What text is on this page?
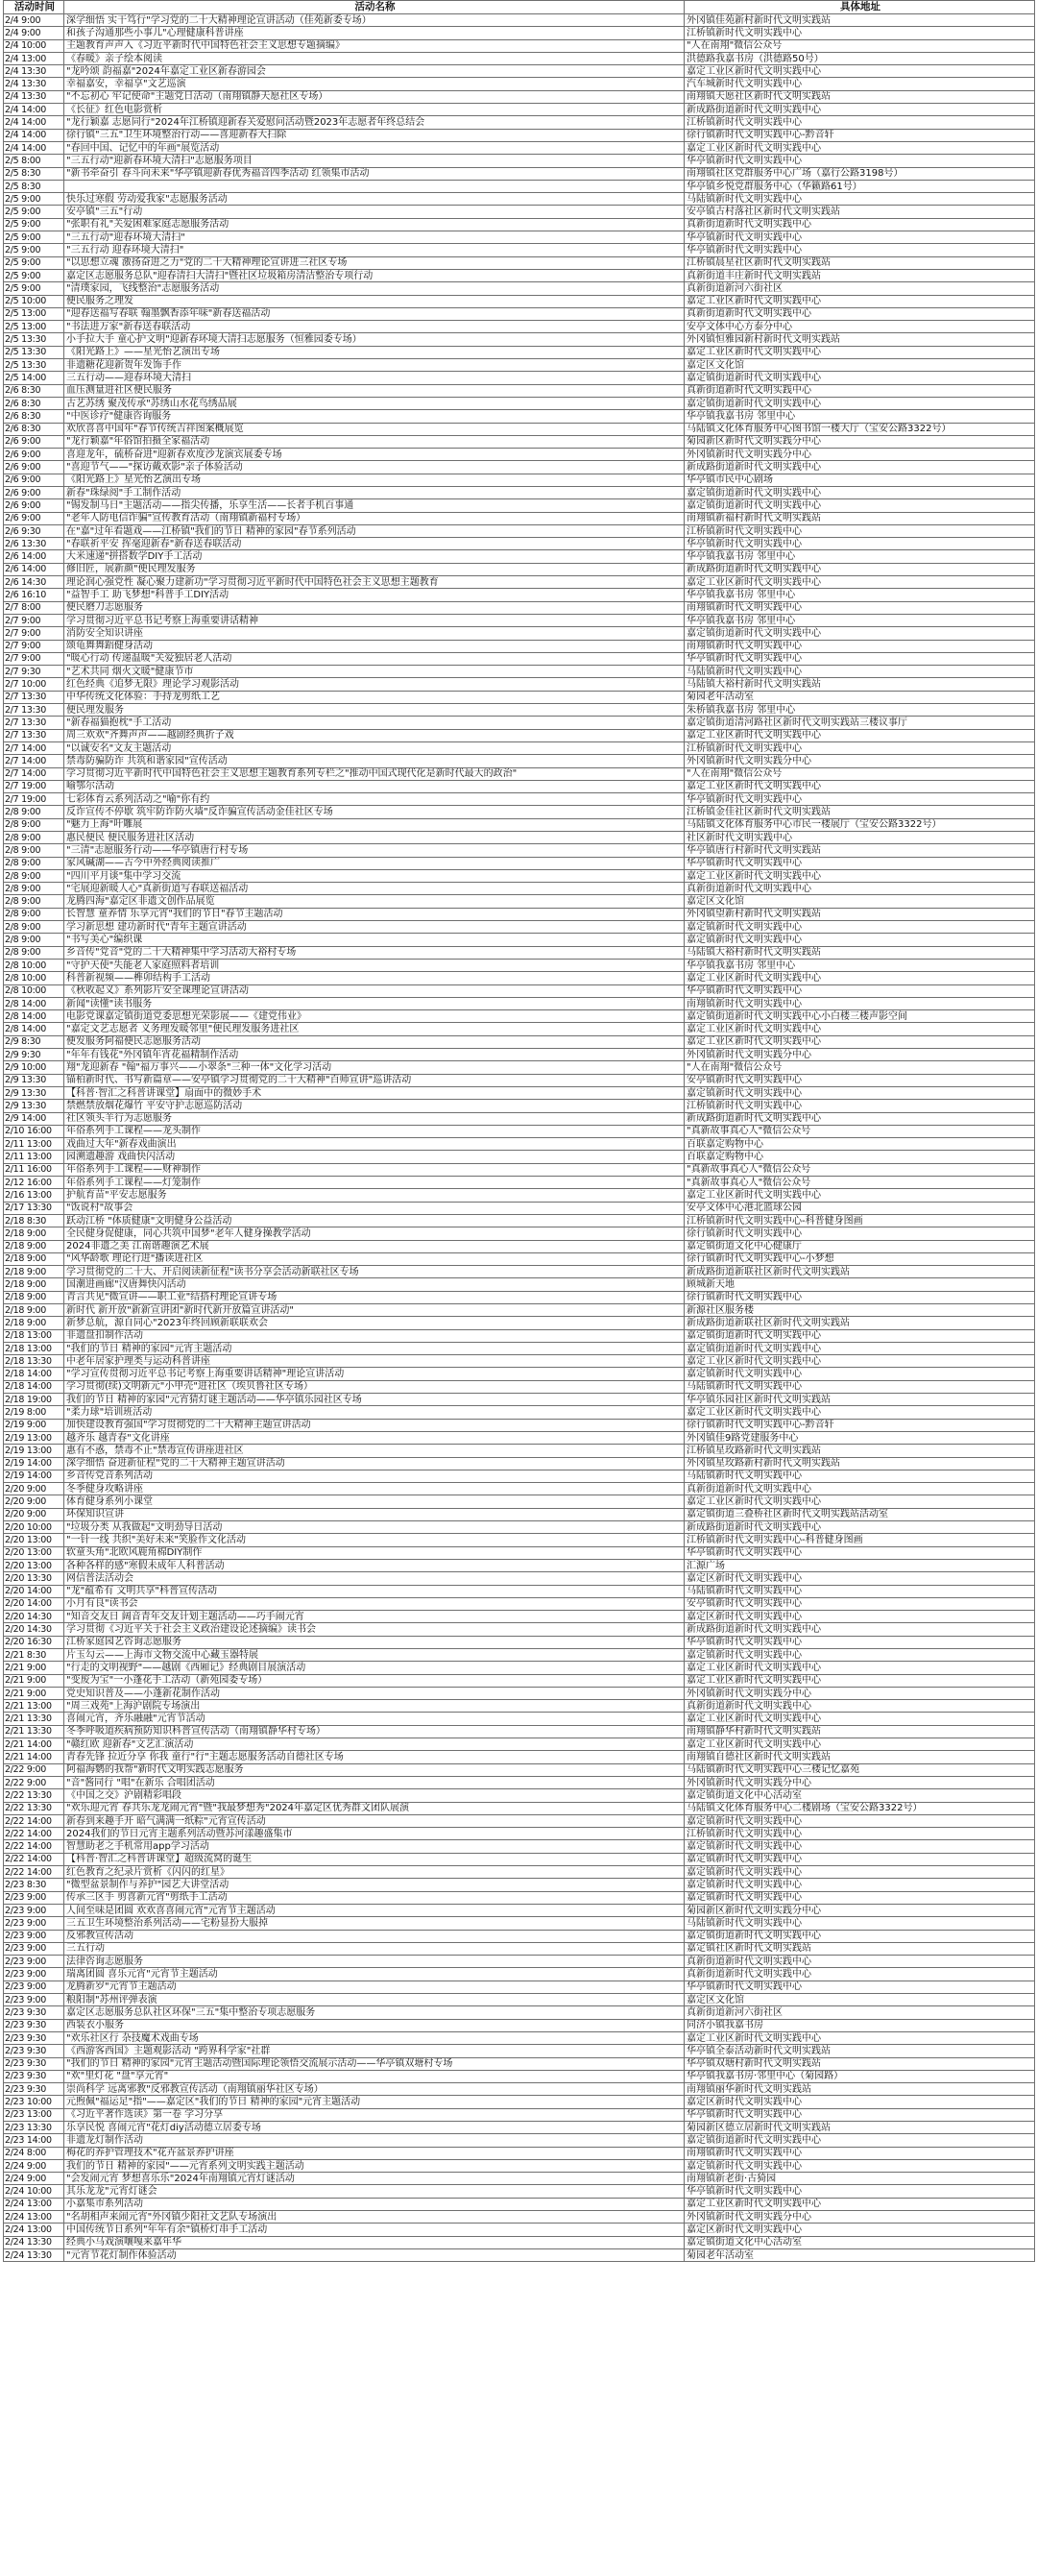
活动时间	活动名称	具体地址
2/4 9:00	深学细悟 实干笃行"学习党的二十大精神理论宣讲活动（佳苑新委专场）	外冈镇佳苑新村新时代文明实践站
2/4 9:00	和孩子沟通那些小事儿"心理健康科普讲座	江桥镇新时代文明实践中心
2/4 10:00	主题教育声声入《习近平新时代中国特色社会主义思想专题摘编》	"人在南翔"微信公众号
2/4 13:00	《春暖》亲子绘本阅读	洪德路我嘉书房（洪德路50号）
2/4 13:30	"龙吟颂 韵福嘉"2024年嘉定工业区新春游园会	嘉定工业区新时代文明实践中心
2/4 13:30	幸福嘉安，幸福享"文艺巡演	汽车城新时代文明实践中心
2/4 13:30	"不忘初心 牢记使命"主题党日活动（南翔镇静天愿社区专场）	南翔镇天愿社区新时代文明实践站
2/4 14:00	《长征》红色电影赏析	新成路街道新时代文明实践中心
2/4 14:00	"龙行颖嘉 志愿同行"2024年江桥镇迎新春关爱慰问活动暨2023年志愿者年终总结会	江桥镇新时代文明实践中心
2/4 14:00	徐行镇"三五"卫生环境整治行动——喜迎新春大扫除	徐行镇新时代文明实践中心-黔音轩
2/4 14:00	"春回中国、记忆中的年画"展览活动	嘉定工业区新时代文明实践中心
2/5 8:00	"三五行动"迎新春环境大清扫"志愿服务项目	华亭镇新时代文明实践中心
2/5 8:30	"新书牵奋引 春斗向未来"华亭镇迎新春优秀福音四季活动 红领集市活动	南翔镇社区党群服务中心广场（嘉行公路3198号）
2/5 8:30		华亭镇乡悦党群服务中心（华籁路61号）
2/5 9:00	快乐过寒假 劳动爱我家"志愿服务活动	马陆镇新时代文明实践中心
2/5 9:00	安亭镇"三五"行动	安亭镇古村落社区新时代文明实践站
2/5 9:00	"张职有礼"关爱困难家庭志愿服务活动	真新街道新时代文明实践中心
2/5 9:00	"三五行动"迎春环境大清扫"	华亭镇新时代文明实践中心
2/5 9:00	"三五行动 迎春环境大清扫"	华亭镇新时代文明实践中心
2/5 9:00	"以思想立魂 激扬奋进之力"党的二十大精神理论宣讲进三社区专场	江桥镇晨星社区新时代文明实践站
2/5 9:00	嘉定区志愿服务总队"迎春清扫大清扫"暨社区垃圾箱房清洁整治专项行动	真新街道丰庄新时代文明实践站
2/5 9:00	"清璞家园，飞线整治"志愿服务活动	真新街道新河六街社区
2/5 10:00	便民服务之理发	嘉定工业区新时代文明实践中心
2/5 13:00	"迎春送福写春联 翰墨飘香添年味"新春送福活动	真新街道新时代文明实践中心
2/5 13:00	"书法进万家"新春送春联活动	安亭文体中心方泰分中心
2/5 13:30	小手拉大手 童心护文明"迎新春环境大清扫志愿服务（恒雅园委专场）	外冈镇恒雅园新村新时代文明实践站
2/5 13:30	《阳光路上》——星光怡艺演出专场	嘉定工业区新时代文明实践中心
2/5 13:30	非遗糖花迎新贺年发饰手作	嘉定区文化馆
2/5 14:00	三五行动——迎春环境大清扫	嘉定镇街道新时代文明实践中心
2/6 8:30	血压测量进社区便民服务	真新街道新时代文明实践中心
2/6 8:30	古艺苏绣 聚茂传承"苏绣山水花鸟绣品展	嘉定镇街道新时代文明实践中心
2/6 8:30	"中医诊疗"健康咨询服务	华亭镇我嘉书房 邻里中心
2/6 8:30	欢欣喜喜中国年"春节传统吉祥图案概展览	马陆镇文化体育服务中心图书馆一楼大厅（宝安公路3322号）
2/6 9:00	"龙行颖嘉"年俗馆拍摄全家福活动	菊园新区新时代文明实践分中心
2/6 9:00	喜迎龙年，硫桥奋进"迎新春欢度沙龙演宾展委专场	外冈镇新时代文明实践分中心
2/6 9:00	"喜迎节气——"探访戴欢影"亲子体验活动	新成路街道新时代文明实践中心
2/6 9:00	《阳光路上》星光怡艺演出专场	华亭镇市民中心剧场
2/6 9:00	新春"珠绿阅"手工制作活动	嘉定镇街道新时代文明实践中心
2/6 9:00	"锡发制马日"主题活动——指尖传播，乐享生活——长者手机百事通	嘉定镇街道新时代文明实践中心
2/6 9:00	"老年人防电信诈骗"宣传教育活动（南翔镇新福村专场）	南翔镇新福村新时代文明实践站
2/6 9:30	在"嘉"过年看题戏——江桥镇"我们的节日 精神的家园"春节系列活动	江桥镇新时代文明实践中心
2/6 13:30	"春联祈平安 挥毫迎新春"新春送春联活动	华亭镇新时代文明实践中心
2/6 14:00	大米速递"拼搭数学DIY手工活动	华亭镇我嘉书房 邻里中心
2/6 14:00	修旧匠，展新颜"便民理发服务	新成路街道新时代文明实践中心
2/6 14:30	理论润心强党性 凝心聚力建新功"学习贯彻习近平新时代中国特色社会主义思想主题教育	嘉定工业区新时代文明实践中心
2/6 16:10	"益智手工 助飞梦想"科普手工DIY活动	华亭镇我嘉书房 邻里中心
2/7 8:00	便民磨刀志愿服务	南翔镇新时代文明实践中心
2/7 9:00	学习贯彻习近平总书记考察上海重要讲话精神	华亭镇我嘉书房 邻里中心
2/7 9:00	消防安全知识讲座	嘉定镇街道新时代文明实践中心
2/7 9:00	颂龟舞舞蹈健身活动	南翔镇新时代文明实践中心
2/7 9:00	"暖心行动 传递温暖"关爱独居老人活动	华亭镇新时代文明实践中心
2/7 9:30	"艺术共同 烟火文暖"健康节市	马陆镇新时代文明实践中心
2/7 10:00	红色经典《追梦无限》理论学习观影活动	马陆镇大裕村新时代文明实践站
2/7 13:30	中华传统文化体验：手持龙剪纸工艺	菊园老年活动室
2/7 13:30	便民理发服务	朱桥镇我嘉书房 邻里中心
2/7 13:30	"新春福猫抱枕"手工活动	嘉定镇街道清河路社区新时代文明实践站三楼议事厅
2/7 13:30	周三欢欢"齐舞声声——越剧经典折子戏	嘉定工业区新时代文明实践中心
2/7 14:00	"以诚安名"文友主题活动	江桥镇新时代文明实践中心
2/7 14:00	禁毒防骗防诈 共筑和谐家园"宣传活动	外冈镇新时代文明实践分中心
2/7 14:00	学习贯彻习近平新时代中国特色社会主义思想主题教育系列专栏之"推动中国式现代化是新时代最大的政治"	"人在南翔"微信公众号
2/7 19:00	喻鄂尔活动	嘉定工业区新时代文明实践中心
2/7 19:00	七彩体育云系列活动之"喻"你有约	华亭镇新时代文明实践中心
2/8 9:00	反诈宣传不停歇 筑牢防诈防火墙"反诈骗宣传活动金佳社区专场	江桥镇金佳社区新时代文明实践站
2/8 9:00	"魅力上海"叶雕展	马陆镇文化体育服务中心市民一楼展厅（宝安公路3322号）
2/8 9:00	惠民便民 便民服务进社区活动	社区新时代文明实践中心
2/8 9:00	"三清"志愿服务行动——华亭镇唐行村专场	华亭镇唐行村新时代文明实践站
2/8 9:00	家风碱湖——古今中外经典阅读推广	华亭镇新时代文明实践中心
2/8 9:00	"四川平月谈"集中学习交流	嘉定工业区新时代文明实践中心
2/8 9:00	"宅展迎新暖人心"真新街道写春联送福活动	真新街道新时代文明实践中心
2/8 9:00	龙腾四海"嘉定区非遗文创作品展览	嘉定区文化馆
2/8 9:00	长智慧 童养情 乐享元宵"我们的节日"春节主题活动	外冈镇望新村新时代文明实践站
2/8 9:00	学习新思想 建功新时代"青年主题宣讲活动	嘉定镇新时代文明实践中心
2/8 9:00	"书写美心"编织课	嘉定镇新时代文明实践中心
2/8 9:00	乡音传"党音"党的二十大精神集中学习活动大裕村专场	马陆镇大裕村新时代文明实践站
2/8 10:00	"守护天使"失能老人家庭照料者培训	华亭镇我嘉书房 邻里中心
2/8 10:00	科普新视频——榫卯结构手工活动	嘉定工业区新时代文明实践中心
2/8 10:00	《秋收起义》系列影片安全课理论宣讲活动	华亭镇新时代文明实践中心
2/8 14:00	新闻"读懂"读书服务	南翔镇新时代文明实践中心
2/8 14:00	电影党课嘉定镇街道党委思想光荣影展——《建党伟业》	嘉定镇街道新时代文明实践中心小白楼三楼声影空间
2/8 14:00	"嘉定文艺志愿者 义务理发暖邻里"便民理发服务进社区	嘉定工业区新时代文明实践中心
2/9 8:30	便发服务阿福便民志愿服务活动	嘉定工业区新时代文明实践中心
2/9 9:30	"年年有钱花"外冈镇年宵花福精制作活动	外冈镇新时代文明实践分中心
2/9 10:00	翔"龙迎新春 "翰"福万事兴——小翠条"三种一体"文化学习活动	"人在南翔"微信公众号
2/9 13:30	锚柏新时代、书写新篇章——安亭镇学习贯彻党的二十大精神"百师宣讲"巡讲活动	安亭镇新时代文明实践中心
2/9 13:30	【科普·智汇之科普讲课堂】扇面中的微妙手术	嘉定镇新时代文明实践中心
2/9 13:30	禁燃禁放烟花爆竹 平安守护志愿巡防活动	江桥镇新时代文明实践中心
2/9 14:00	社区领头羊行为志愿服务	新成路街道新时代文明实践中心
2/10 16:00	年俗系列手工课程——龙头制作	"真新故事真心人"微信公众号
2/11 13:00	戏曲过大年"新春戏曲演出	百联嘉定购物中心
2/11 13:00	园溯遗趣游 戏曲快闪活动	百联嘉定购物中心
2/11 16:00	年俗系列手工课程——财神制作	"真新故事真心人"微信公众号
2/12 16:00	年俗系列手工课程——灯笼制作	"真新故事真心人"微信公众号
2/16 13:00	护航育苗"平安志愿服务	嘉定工业区新时代文明实践中心
2/17 13:30	"饭说村"故事会	安亭文体中心港北篮球公园
2/18 8:30	跃动江桥 "体质健康"文明健身公益活动	江桥镇新时代文明实践中心-科普健身图画
2/18 9:00	全民健身促健康，同心共筑中国梦"老年人健身操教学活动	徐行镇新时代文明实践中心
2/18 9:00	2024非遗之美 江南谐趣演艺术展	嘉定镇街道文化中心健康厅
2/18 9:00	"风华龄歌 理论行进"播读进社区	徐行镇新时代文明实践中心-小梦想
2/18 9:00	学习贯彻党的二十大、开启阅读新征程"读书分享会活动新联社区专场	新成路街道新联社区新时代文明实践站
2/18 9:00	国潮进画廊"汉唐舞快闪活动	顾城新天地
2/18 9:00	青言共见"微宣讲——职工业"结搭村理论宣讲专场	徐行镇新时代文明实践中心
2/18 9:00	新时代 新开放"新新宣讲团"新时代新开放篇宣讲活动"	新源社区服务楼
2/18 9:00	新梦总航，源自同心"2023年终回顾新联联欢会	新成路街道新联社区新时代文明实践站
2/18 13:00	非遗盘扣制作活动	嘉定镇街道新时代文明实践中心
2/18 13:00	"我们的节日 精神的家园"元宵主题活动	嘉定镇街道新时代文明实践中心
2/18 13:30	中老年居家护理类与运动科普讲座	嘉定工业区新时代文明实践中心
2/18 14:00	"学习宣传贯彻习近平总书记考察上海重要讲话精神"理论宣讲活动	嘉定镇新时代文明实践中心
2/18 14:00	学习贯彻(续)文明新元"小甲壳"进社区（埃贝鲁社区专场）	马陆镇新时代文明实践中心
2/18 19:00	我们的节日 精神的家园"元宵猜灯谜主题活动——华亭镇乐园社区专场	华亭镇乐园社区新时代文明实践站
2/19 8:00	"柔力球"培训班活动	嘉定工业区新时代文明实践中心
2/19 9:00	加快建设教育强国"学习贯彻党的二十大精神主题宣讲活动	徐行镇新时代文明实践中心-黔音轩
2/19 13:00	越齐乐 越青春"文化讲座	外冈镇佳9路党建服务中心
2/19 13:00	惠有不惑，禁毒不止"禁毒宣传讲座进社区	江桥镇星玫路新时代文明实践站
2/19 14:00	深学细悟 奋进新征程"党的二十大精神主题宣讲活动	外冈镇星玫路新村新时代文明实践站
2/19 14:00	乡音传党音系列活动	马陆镇新时代文明实践中心
2/20 9:00	冬季健身攻略讲座	真新街道新时代文明实践中心
2/20 9:00	体育健身系列小课堂	嘉定工业区新时代文明实践中心
2/20 9:00	环保知识宣讲	嘉定镇街道三叠桥社区新时代文明实践站活动室
2/20 10:00	"垃圾分类 从我做起"文明劲导日活动	新成路街道新时代文明实践中心
2/20 13:00	"一针一线 共织"美好未来"笑脸作文化活动	江桥镇新时代文明实践中心-科普健身图画
2/20 13:00	软童头角"北欧风鹿角棉DIY制作	华亭镇新时代文明实践中心
2/20 13:00	各种各样的感"寒假未成年人科普活动	汇源广场
2/20 13:30	网信普法活动会	嘉定区新时代文明实践中心
2/20 14:00	"龙"蕴希有 文明共享"科普宣传活动	马陆镇新时代文明实践中心
2/20 14:00	小月有良"读书会	安亭镇新时代文明实践中心
2/20 14:30	"知音交友日 阔音青年交友计划主题活动——巧手闹元宵	嘉定区新时代文明实践中心
2/20 14:30	学习贯彻《习近平关于社会主义政治建设论述摘编》读书会	新成路街道新时代文明实践中心
2/20 16:30	江桥家庭园艺咨询志愿服务	华亭镇新时代文明实践中心
2/21 8:30	片玉勾云——上海市文物交流中心藏玉器特展	嘉定镇新时代文明实践中心
2/21 9:00	"行走的文明视野"——越剧《西厢记》经典剧目展演活动	嘉定工业区新时代文明实践中心
2/21 9:00	"变废为宝"一小蓬花手工活动（新苑园委专场）	嘉定工业区新时代文明实践中心
2/21 9:00	党史知识普及——小蓬新花制作活动	外冈镇新时代文明实践分中心
2/21 13:00	"周三戏苑"上海沪剧院专场演出	真新街道新时代文明实践中心
2/21 13:30	喜闹元宵，齐乐融融"元宵节活动	嘉定工业区新时代文明实践中心
2/21 13:30	冬季呼吸道疾病预防知识科普宣传活动（南翔镇静华村专场）	南翔镇静华村新时代文明实践站
2/21 14:00	"赣红欧 迎新春"文艺汇演活动	嘉定工业区新时代文明实践中心
2/21 14:00	青春先锋 拉近分享 你我 童行"行"主题志愿服务活动自德社区专场	南翔镇自德社区新时代文明实践站
2/22 9:00	阿福海鹦的我帮"新时代文明实践志愿服务	马陆镇新时代文明实践中心三楼记忆嘉苑
2/22 9:00	"音"酱同行 "唱"在新乐 合唱团活动	外冈镇新时代文明实践分中心
2/22 13:30	《中国之交》沪剧精彩唱段	嘉定镇街道文化中心活动室
2/22 13:30	"欢乐迎元宵 春共乐龙龙闹元宵"暨"我最梦想秀"2024年嘉定区优秀群文团队展演	马陆镇文化体育服务中心二楼剧场（宝安公路3322号）
2/22 14:00	新春到来趣手开 暗气满满一纸粽"元宵宣传活动	嘉定镇新时代文明实践中心
2/22 14:00	2024我们的节日元宵主题系列活动暨苏河漾趣盛集市	江桥镇新时代文明实践中心
2/22 14:00	智慧助老之手机常用app学习活动	嘉定镇新时代文明实践中心
2/22 14:00	【科普·智汇之科普讲课堂】超级流窝的诞生	嘉定镇新时代文明实践中心
2/22 14:00	红色教育之纪录片赏析《闪闪的红星》	嘉定镇新时代文明实践中心
2/23 8:30	"微型盆景制作与养护"园艺大讲堂活动	嘉定镇新时代文明实践中心
2/23 9:00	传承三区手 剪喜新元宵"剪纸手工活动	嘉定镇新时代文明实践中心
2/23 9:00	人间至味是团圆 欢欢喜喜闹元宵"元宵节主题活动	菊园新区新时代文明实践分中心
2/23 9:00	三五卫生环境整治系列活动——宅粉显扮大服掉	马陆镇新时代文明实践中心
2/23 9:00	反邪教宣传活动	嘉定镇街道新时代文明实践中心
2/23 9:00	三五行动	嘉定镇社区新时代文明实践站
2/23 9:00	法律咨询志愿服务	真新街道新时代文明实践中心
2/23 9:00	瑞离团圆 喜乐元宵"元宵节主题活动	真新街道新时代文明实践中心
2/23 9:00	龙腾新岁"元宵节主题活动	华亭镇新时代文明实践中心
2/23 9:00	粮阳制"苏州评弹表演	嘉定区文化馆
2/23 9:30	嘉定区志愿服务总队社区环保"三五"集中整治专项志愿服务	真新街道新河六街社区
2/23 9:30	西装衣小服务	同济小镇我嘉书房
2/23 9:30	"欢乐社区行 杂技魔术戏曲专场	嘉定工业区新时代文明实践中心
2/23 9:30	《西游客西国》主题观影活动 "跨界科学家"社群	华亭镇全泰活动新时代文明实践站
2/23 9:30	"我们的节日 精神的家园"元宵主题活动暨国际理论领悟交流展示活动——华亭镇双塘村专场	华亭镇双塘村新时代文明实践站
2/23 9:30	"欢"里灯花 "盘"享元宵"	华亭镇我嘉书房·邻里中心（菊园路）
2/23 9:30	崇尚科学 远离邪教"反邪教宣传活动（南翔镇丽华社区专场）	南翔镇丽华新时代文明实践站
2/23 10:00	元煦佩"福运足"指"——嘉定区"我们的节日 精神的家园"元宵主题活动	嘉定区新时代文明实践中心
2/23 13:00	《习近平著作选读》第一卷 学习分享	华亭镇新时代文明实践中心
2/23 13:30	乐享民悦 喜闹元宵"花灯diy活动德立居委专场	菊园新区德立居新时代文明实践站
2/23 14:00	非遗龙灯制作活动	嘉定镇街道新时代文明实践中心
2/24 8:00	梅花的养护管理技术"花卉盆景养护讲座	南翔镇新时代文明实践中心
2/24 9:00	我们的节日 精神的家园"——元宵系列文明实践主题活动	嘉定镇新时代文明实践中心
2/24 9:00	"会发闹元宵 梦想喜乐乐"2024年南翔镇元宵灯谜活动	南翔镇新老街·古猗园
2/24 10:00	其乐龙龙"元宵灯谜会	华亭镇新时代文明实践中心
2/24 13:00	小嘉集市系列活动	嘉定工业区新时代文明实践中心
2/24 13:00	"名胡相声来闹元宵"外冈镇少阳社文艺队专场演出	外冈镇新时代文明实践分中心
2/24 13:00	中国传统节日系列"年年有余"镇桥灯串手工活动	嘉定区新时代文明实践中心
2/24 13:30	经典小马戏演嚷嘎来嘉年华	嘉定镇街道文化中心活动室
2/24 13:30	"元宵节花灯制作体验活动	菊园老年活动室
